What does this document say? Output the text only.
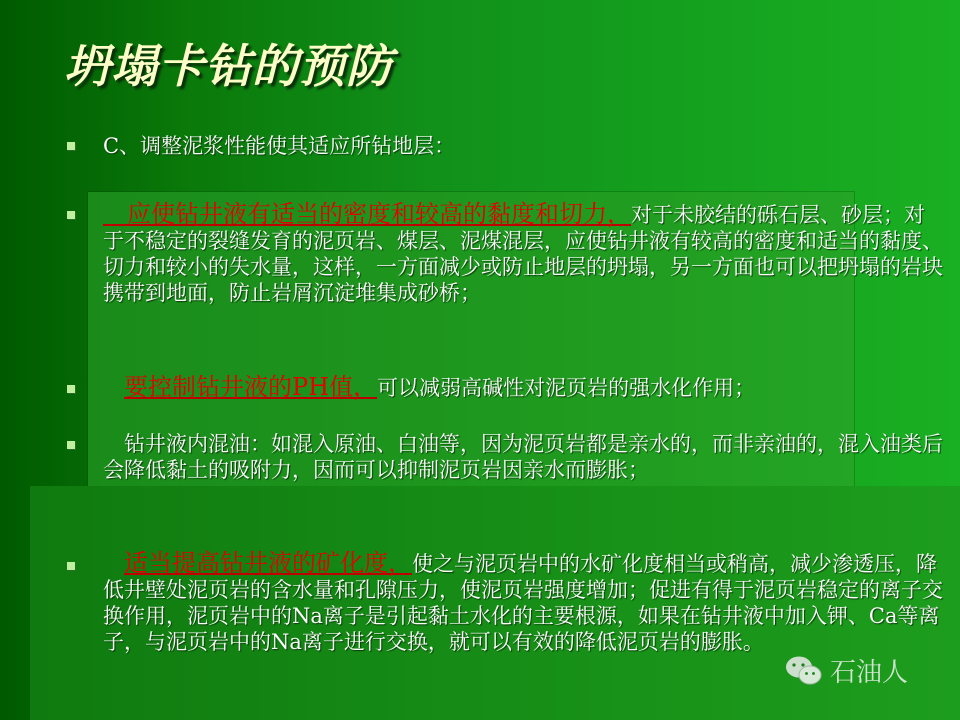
坍塌卡钻的预防
C、调整泥浆性能使其适应所钻地层：
　应使钻井液有适当的密度和较高的黏度和切力，对于未胶结的砾石层、砂层；对于不稳定的裂缝发育的泥页岩、煤层、泥煤混层，应使钻井液有较高的密度和适当的黏度、切力和较小的失水量，这样，一方面减少或防止地层的坍塌，另一方面也可以把坍塌的岩块携带到地面，防止岩屑沉淀堆集成砂桥；
　要控制钻井液的PH值，可以减弱高碱性对泥页岩的强水化作用；
　钻井液内混油：如混入原油、白油等，因为泥页岩都是亲水的，而非亲油的，混入油类后会降低黏土的吸附力，因而可以抑制泥页岩因亲水而膨胀；
　适当提高钻井液的矿化度，使之与泥页岩中的水矿化度相当或稍高，减少渗透压，降低井壁处泥页岩的含水量和孔隙压力，使泥页岩强度增加；促进有得于泥页岩稳定的离子交换作用，泥页岩中的Na离子是引起黏土水化的主要根源，如果在钻井液中加入钾、Ca等离子，与泥页岩中的Na离子进行交换，就可以有效的降低泥页岩的膨胀。
石油人
